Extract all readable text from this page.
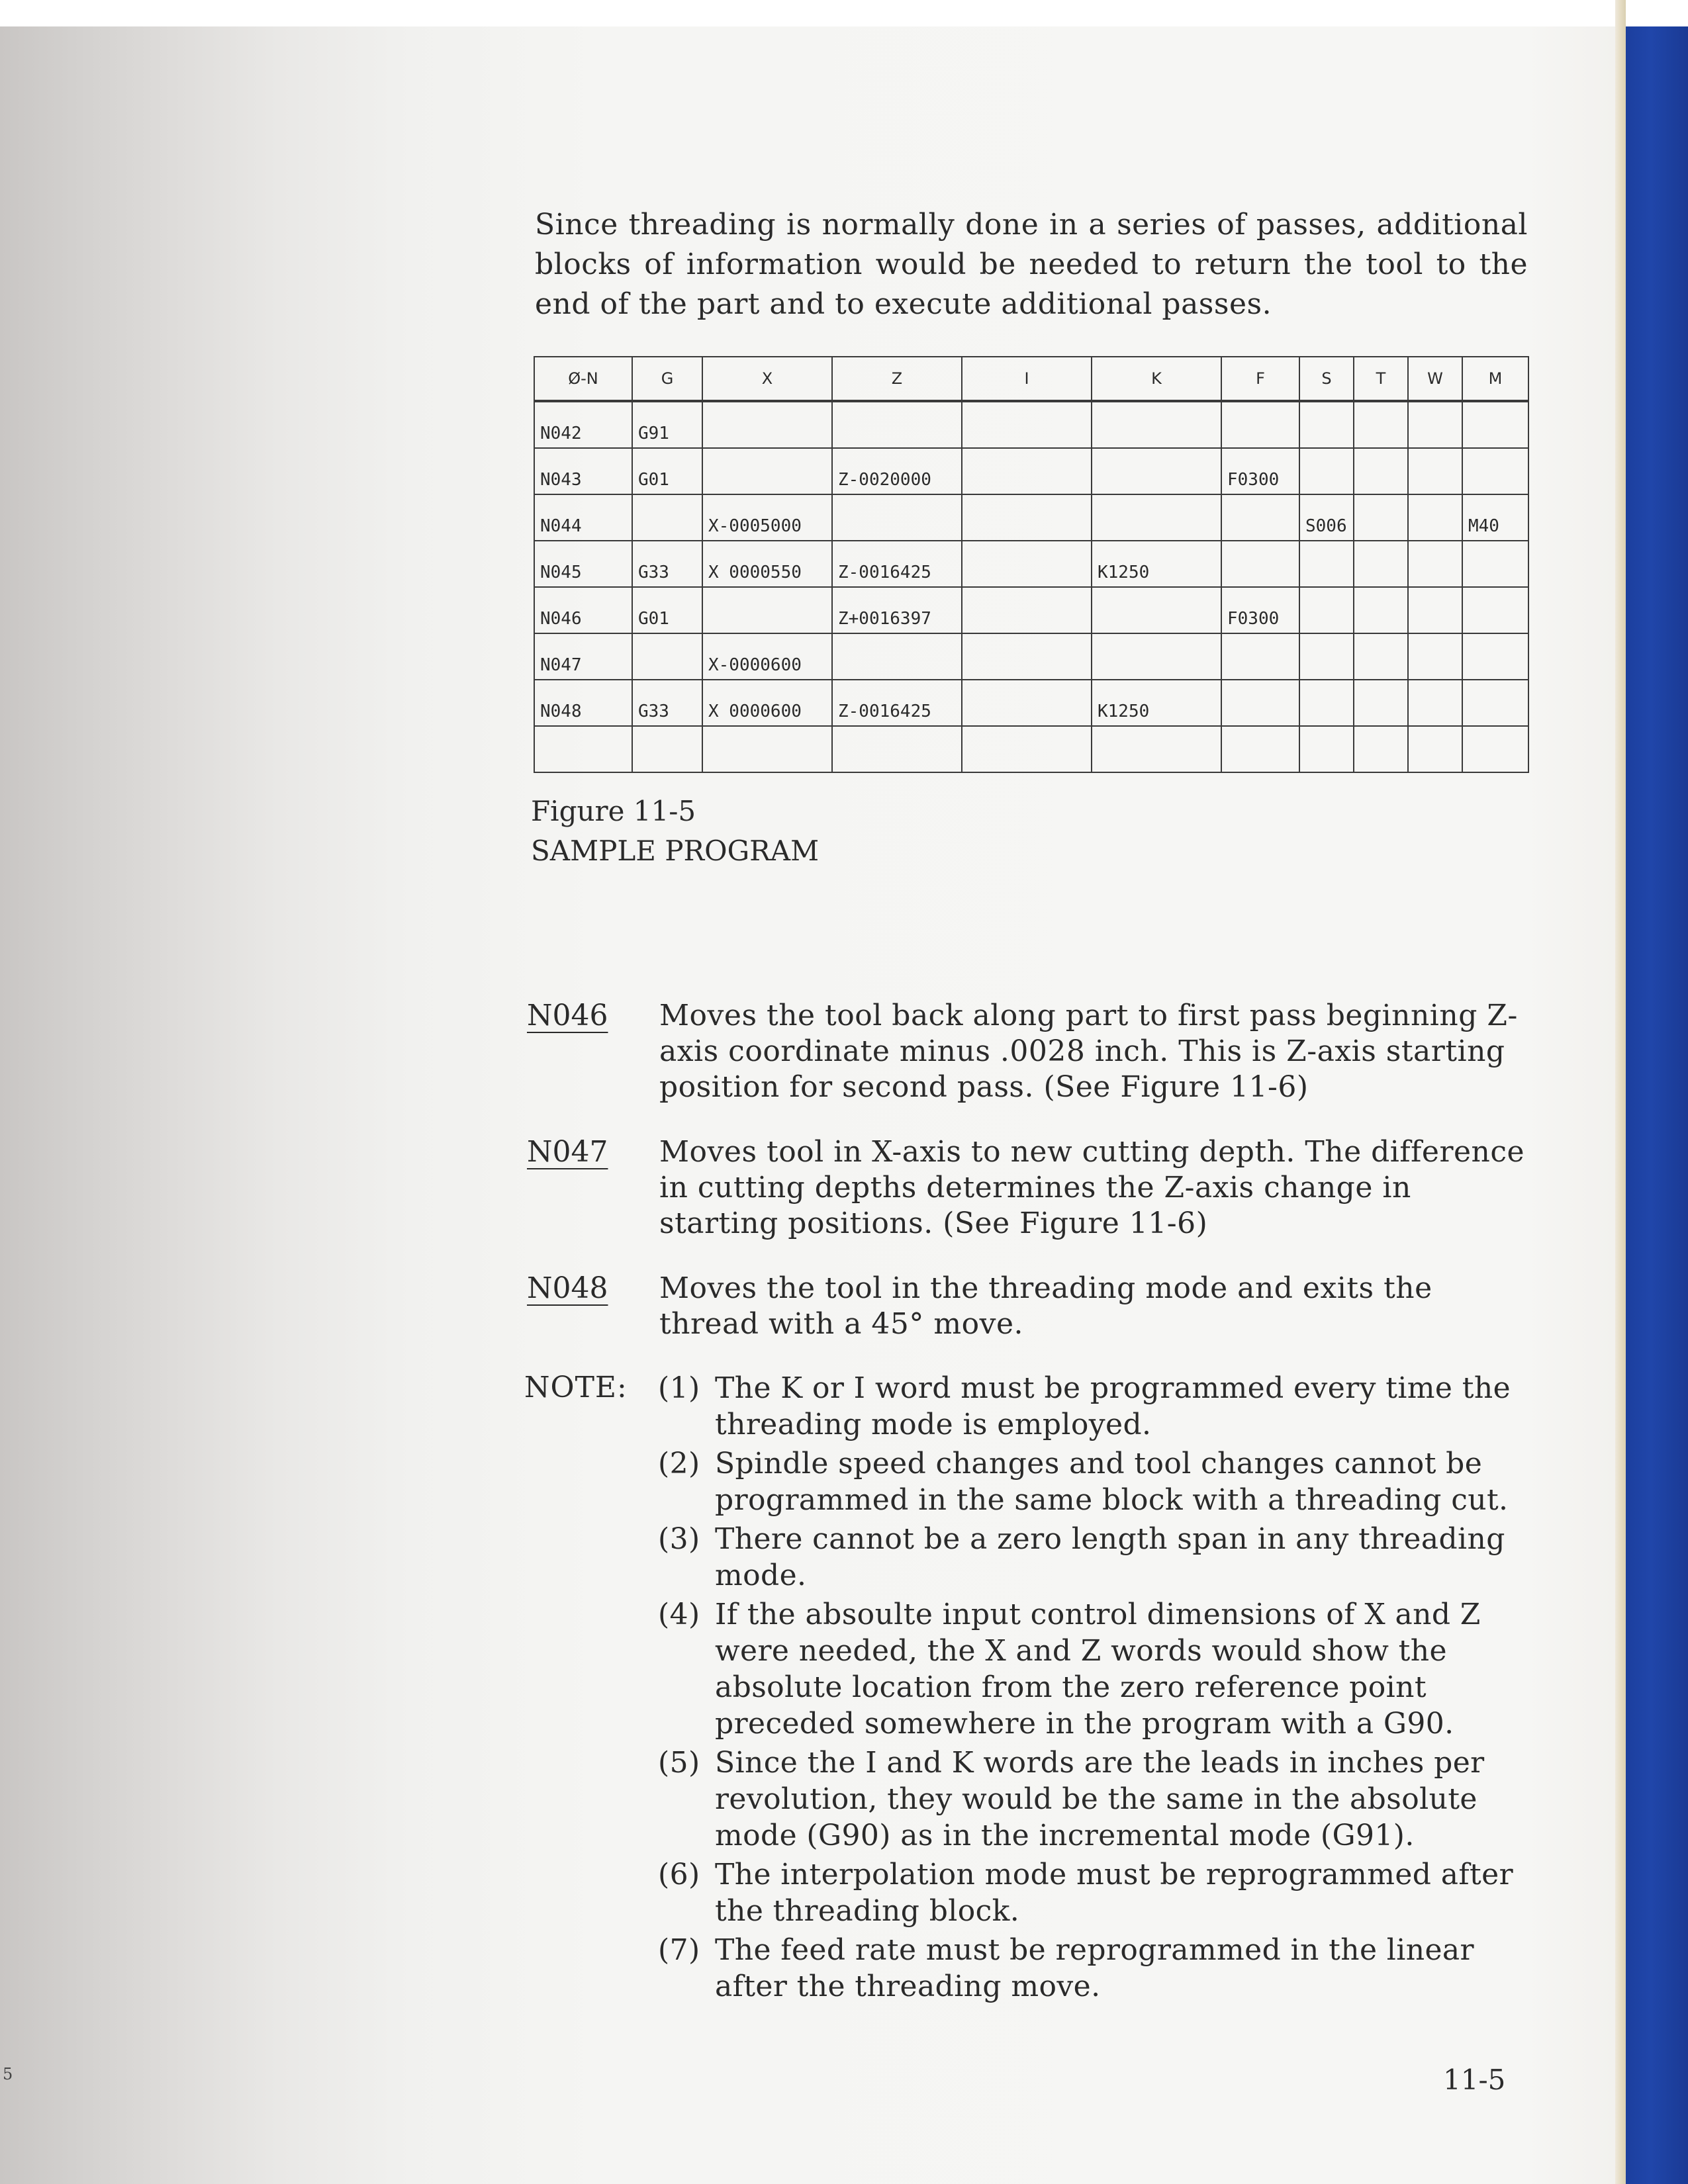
Since threading is normally done in a series of passes, additional blocks of information would be needed to return the tool to the end of the part and to execute additional passes.

Ø-N	G	X	Z	I	K	F	S	T	W	M
N042	G91									
N043	G01		Z-0020000			F0300				
N044		X-0005000					S006			M40
N045	G33	X 0000550	Z-0016425		K1250					
N046	G01		Z+0016397			F0300				
N047		X-0000600								
N048	G33	X 0000600	Z-0016425		K1250					

Figure 11-5
SAMPLE PROGRAM
N046 Moves the tool back along part to first pass beginning Z-axis coordinate minus .0028 inch. This is Z-axis starting position for second pass. (See Figure 11-6)
N047 Moves tool in X-axis to new cutting depth. The difference in cutting depths determines the Z-axis change in starting positions. (See Figure 11-6)
N048 Moves the tool in the threading mode and exits the thread with a 45° move.
NOTE: (1) The K or I word must be programmed every time the threading mode is employed.
(2) Spindle speed changes and tool changes cannot be programmed in the same block with a threading cut.
(3) There cannot be a zero length span in any threading mode.
(4) If the absoulte input control dimensions of X and Z were needed, the X and Z words would show the absolute location from the zero reference point preceded somewhere in the program with a G90.
(5) Since the I and K words are the leads in inches per revolution, they would be the same in the absolute mode (G90) as in the incremental mode (G91).
(6) The interpolation mode must be reprogrammed after the threading block.
(7) The feed rate must be reprogrammed in the linear after the threading move.
11-5
5
